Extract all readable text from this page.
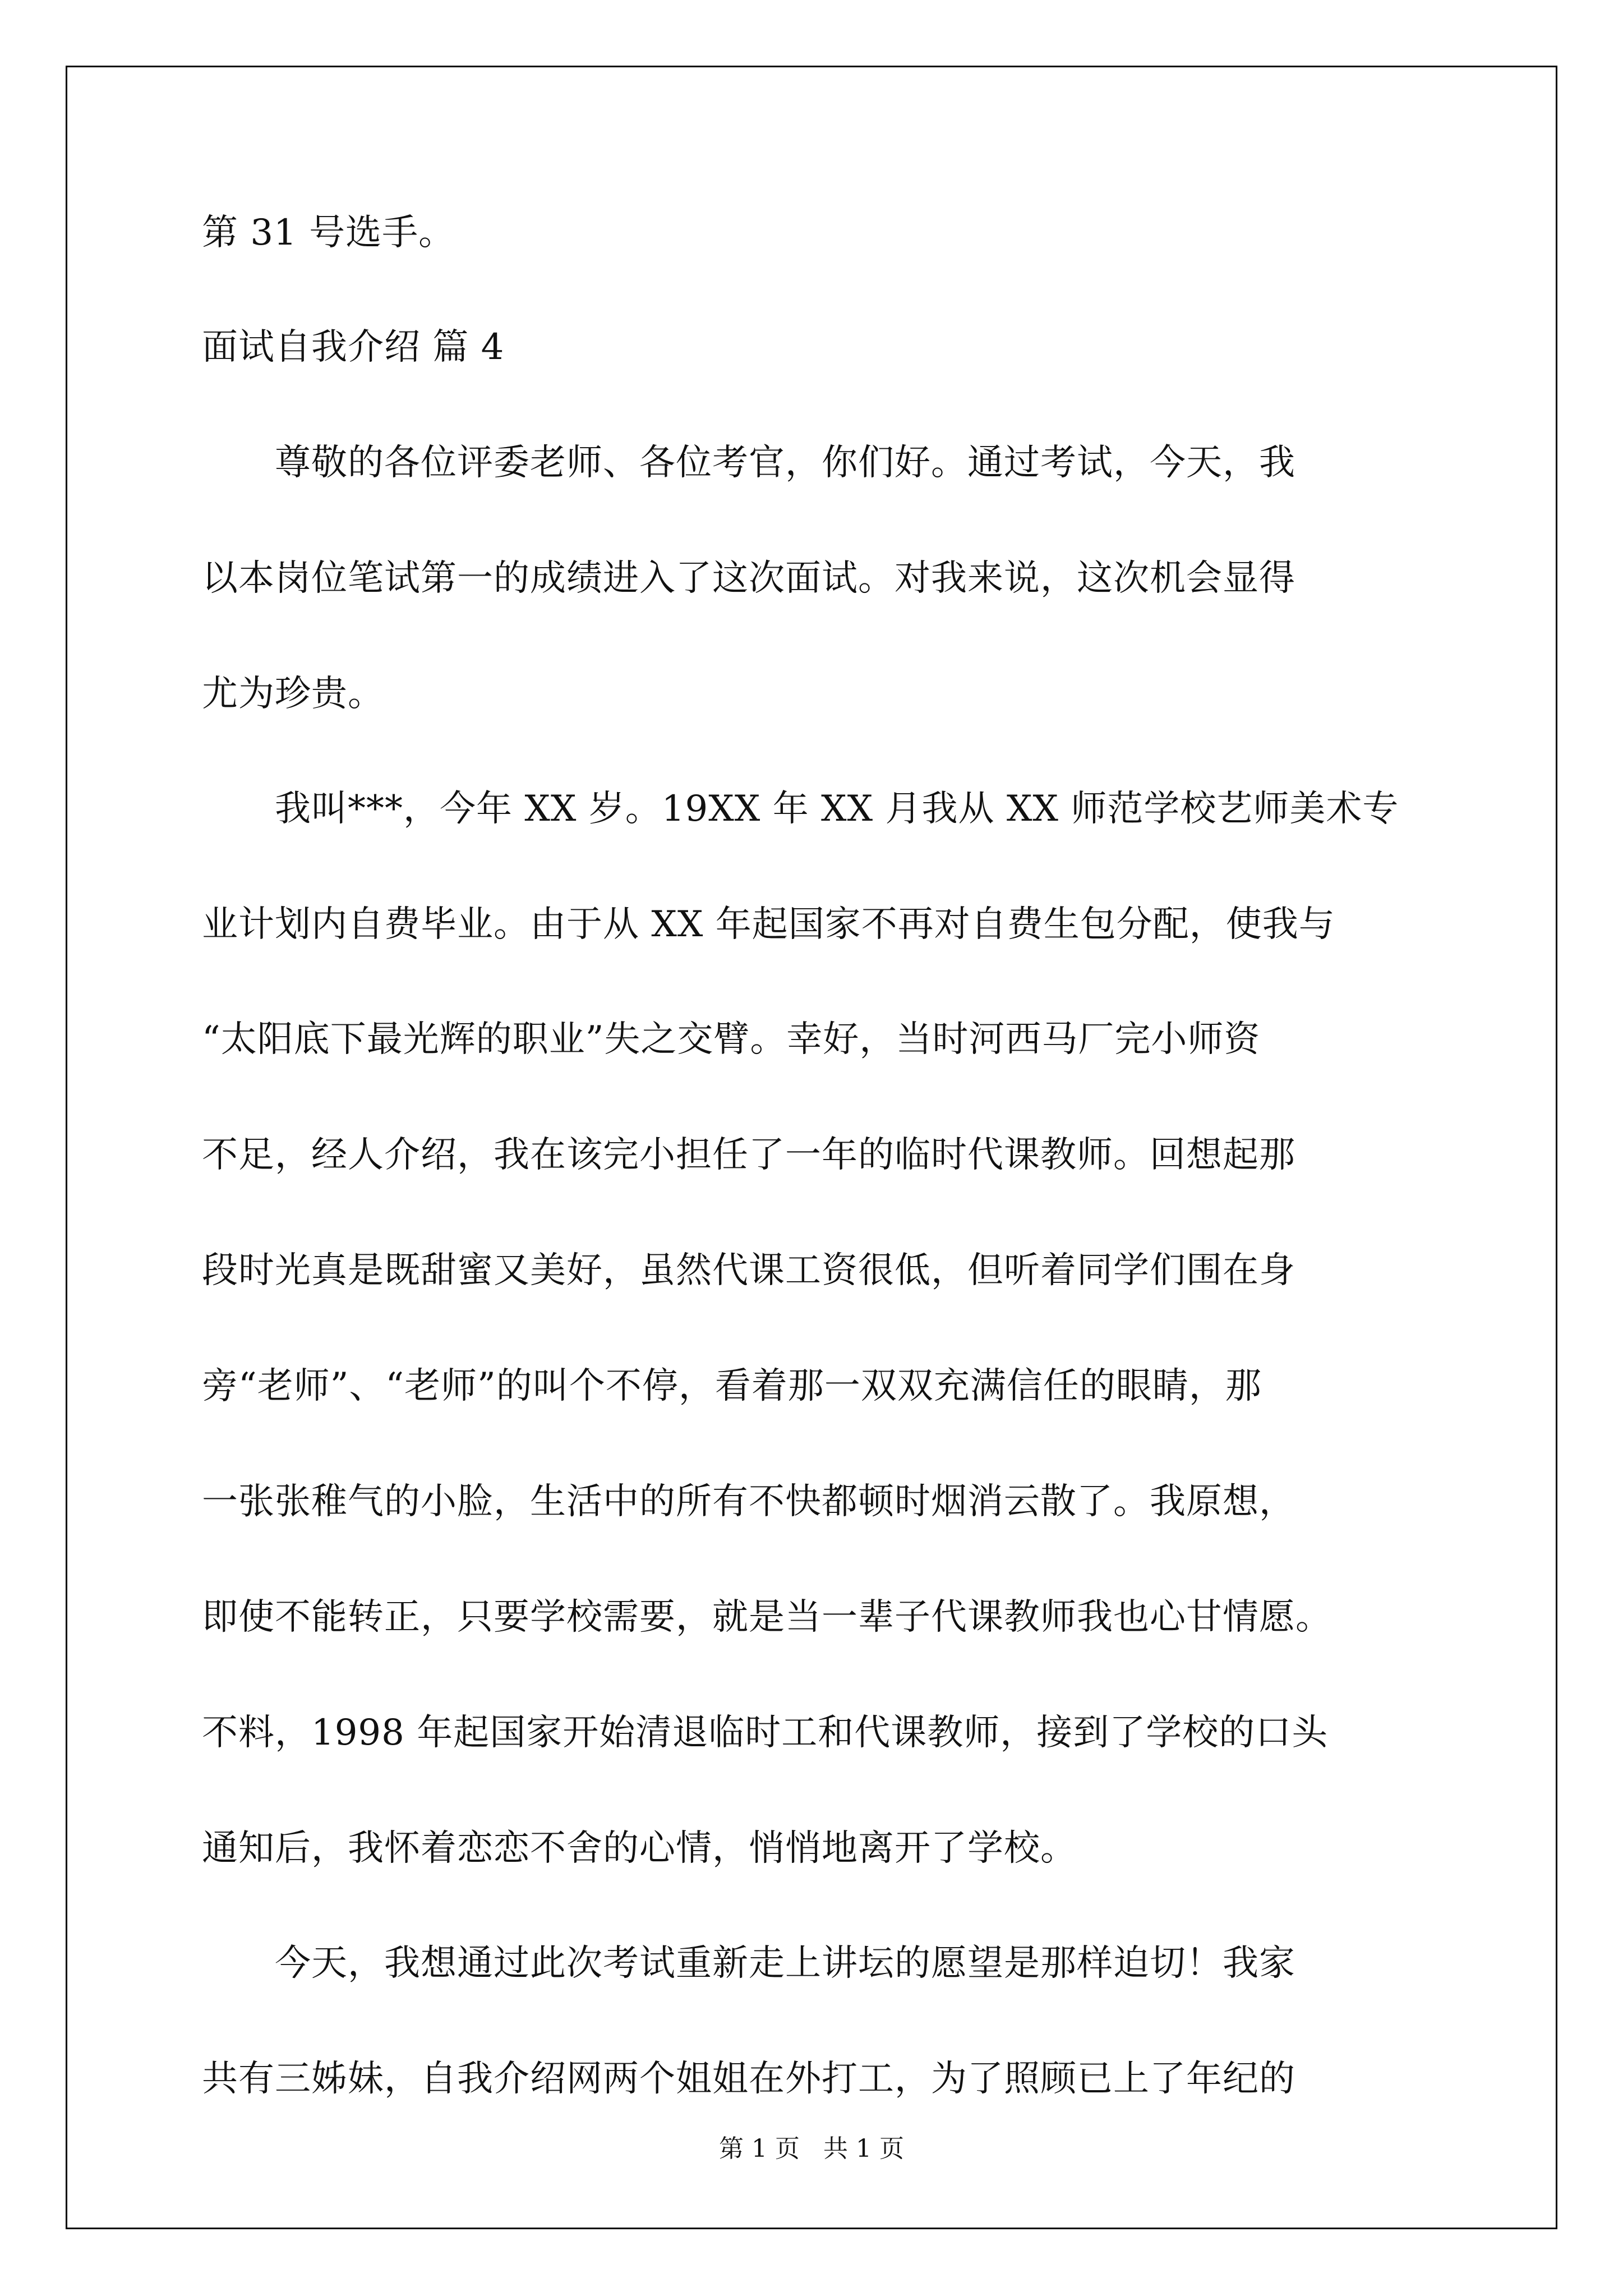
第 31 号选手。
面试自我介绍 篇 4
　　尊敬的各位评委老师、各位考官，你们好。通过考试，今天，我
以本岗位笔试第一的成绩进入了这次面试。对我来说，这次机会显得
尤为珍贵。
　　我叫***，今年 XX 岁。19XX 年 XX 月我从 XX 师范学校艺师美术专
业计划内自费毕业。由于从 XX 年起国家不再对自费生包分配，使我与
“太阳底下最光辉的职业”失之交臂。幸好，当时河西马厂完小师资
不足，经人介绍，我在该完小担任了一年的临时代课教师。回想起那
段时光真是既甜蜜又美好，虽然代课工资很低，但听着同学们围在身
旁“老师”、“老师”的叫个不停，看着那一双双充满信任的眼睛，那
一张张稚气的小脸，生活中的所有不快都顿时烟消云散了。我原想，
即使不能转正，只要学校需要，就是当一辈子代课教师我也心甘情愿。
不料，1998 年起国家开始清退临时工和代课教师，接到了学校的口头
通知后，我怀着恋恋不舍的心情，悄悄地离开了学校。
　　今天，我想通过此次考试重新走上讲坛的愿望是那样迫切！我家
共有三姊妹，自我介绍网两个姐姐在外打工，为了照顾已上了年纪的
第 1 页   共 1 页
